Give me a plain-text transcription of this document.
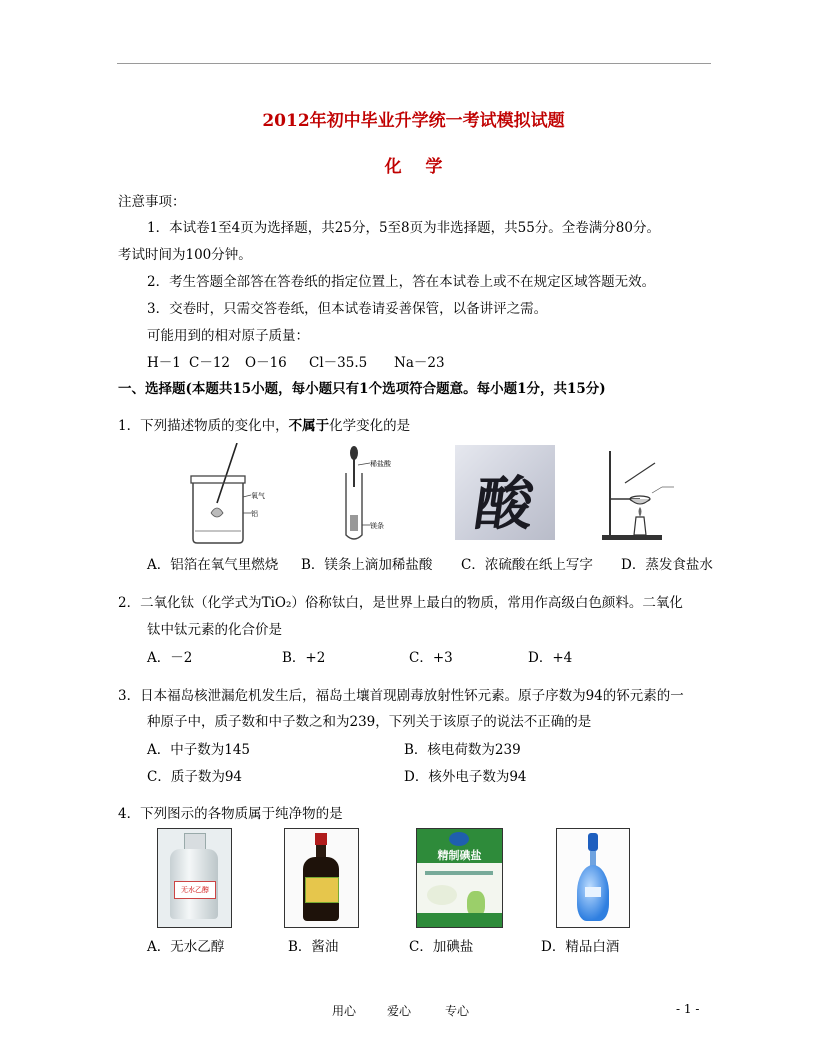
2012年初中毕业升学统一考试模拟试题
化    学
注意事项：
1．本试卷1至4页为选择题，共25分，5至8页为非选择题，共55分。全卷满分80分。
考试时间为100分钟。
2．考生答题全部答在答卷纸的指定位置上，答在本试卷上或不在规定区域答题无效。
3．交卷时，只需交答卷纸，但本试卷请妥善保管，以备讲评之需。
可能用到的相对原子质量：
H－1 C－12 O－16 Cl－35.5 Na－23
一、选择题(本题共15小题，每小题只有1个选项符合题意。每小题1分，共15分)
1．下列描述物质的变化中，不属于化学变化的是
氧气
铝
稀盐酸
镁条	酸
A．铝箔在氧气里燃烧 B．镁条上滴加稀盐酸 C．浓硫酸在纸上写字 D．蒸发食盐水
2．二氧化钛（化学式为TiO₂）俗称钛白，是世界上最白的物质，常用作高级白色颜料。二氧化
钛中钛元素的化合价是
A．－2	B．+2	C．+3	D．+4
3．日本福岛核泄漏危机发生后，福岛土壤首现剧毒放射性钚元素。原子序数为94的钚元素的一
种原子中，质子数和中子数之和为239，下列关于该原子的说法不正确的是
A．中子数为145	B．核电荷数为239
C．质子数为94	D．核外电子数为94
4．下列图示的各物质属于纯净物的是
无水乙醇
精制碘盐
A．无水乙醇	B．酱油	C．加碘盐	D．精品白酒
用心	爱心	专心	- 1 -
